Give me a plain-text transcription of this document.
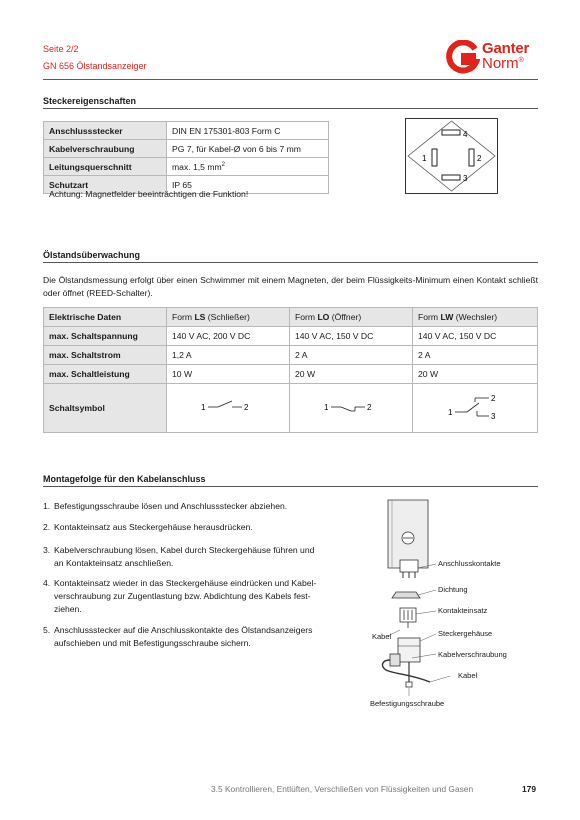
Seite 2/2
GN 656 Ölstandsanzeiger
Ganter
Norm®
Steckereigenschaften
Anschlussstecker	DIN EN 175301-803 Form C
Kabelverschraubung	PG 7, für Kabel-Ø von 6 bis 7 mm
Leitungsquerschnitt	max. 1,5 $mm^2$
Schutzart	IP 65
Achtung: Magnetfelder beeinträchtigen die Funktion!
4
1	2
3
Ölstandsüberwachung
Die Ölstandsmessung erfolgt über einen Schwimmer mit einem Magneten, der beim Flüssigkeits-Minimum einen Kontakt schließt oder öffnet (REED-Schalter).
Elektrische Daten	Form LS (Schließer)	Form LO (Öffner)	Form LW (Wechsler)
max. Schaltspannung	140 V AC, 200 V DC	140 V AC, 150 V DC	140 V AC, 150 V DC
max. Schaltstrom	1,2 A	2 A	2 A
max. Schaltleistung	10 W	20 W	20 W
Schaltsymbol	1 2	1 2	1
2
3
Montagefolge für den Kabelanschluss
1. Befestigungsschraube lösen und Anschlussstecker abziehen.
2. Kontakteinsatz aus Steckergehäuse herausdrücken.
3. Kabelverschraubung lösen, Kabel durch Steckergehäuse führen und
an Kontakteinsatz anschließen.
4. Kontakteinsatz wieder in das Steckergehäuse eindrücken und Kabel-
verschraubung zur Zugentlastung bzw. Abdichtung des Kabels fest-
ziehen.
5. Anschlussstecker auf die Anschlusskontakte des Ölstandsanzeigers
aufschieben und mit Befestigungsschraube sichern.
Anschlusskontakte
Dichtung
Kontakteinsatz
Kabel	Steckergehäuse
Kabelverschraubung
Kabel
Befestigungsschraube
3.5 Kontrollieren, Entlüften, Verschließen von Flüssigkeiten und Gasen	179
